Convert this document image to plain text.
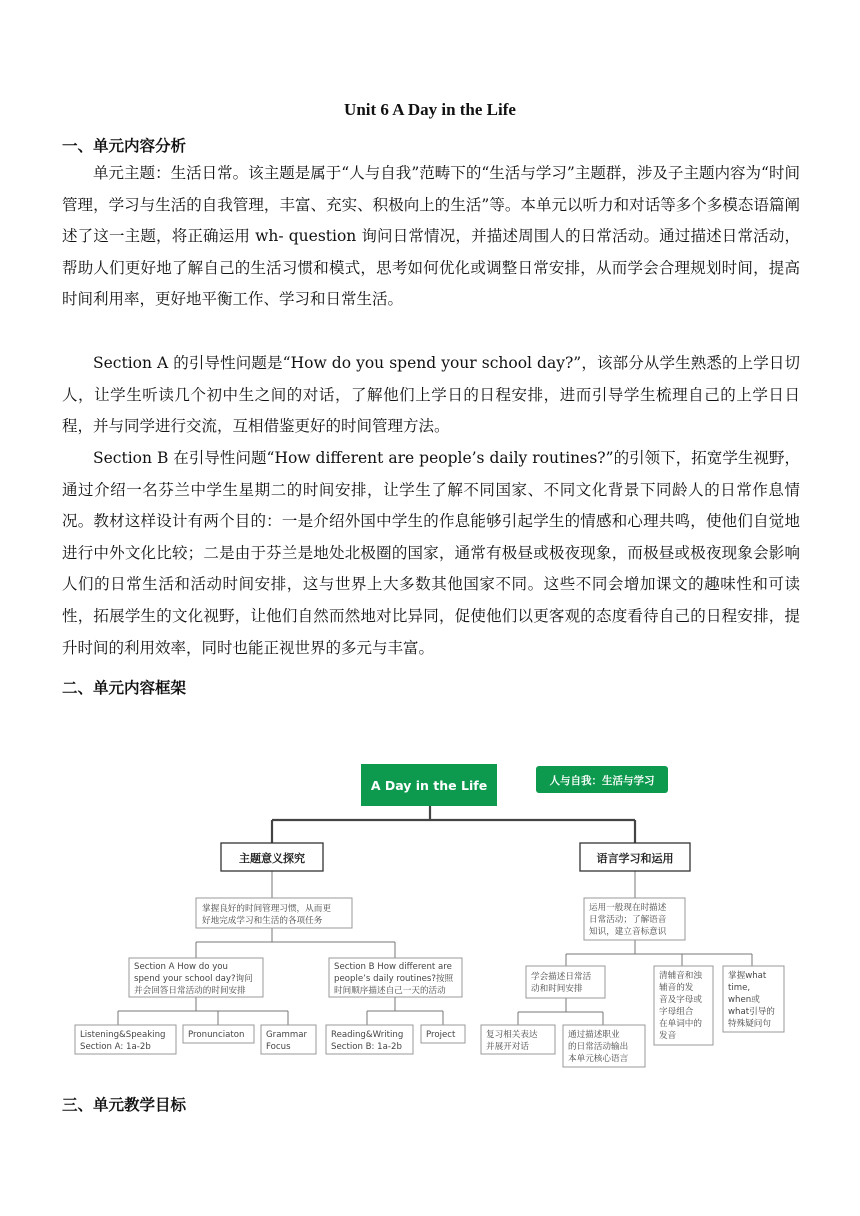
Unit 6 A Day in the Life
一、单元内容分析

单元主题：生活日常。该主题是属于“人与自我”范畴下的“生活与学习”主题群，涉及子主题内容为“时间管理，学习与生活的自我管理，丰富、充实、积极向上的生活”等。本单元以听力和对话等多个多模态语篇阐述了这一主题，将正确运用 wh- question 询问日常情况，并描述周围人的日常活动。通过描述日常活动，帮助人们更好地了解自己的生活习惯和模式，思考如何优化或调整日常安排，从而学会合理规划时间，提高时间利用率，更好地平衡工作、学习和日常生活。

Section A 的引导性问题是“How do you spend your school day?”，该部分从学生熟悉的上学日切人，让学生听读几个初中生之间的对话，了解他们上学日的日程安排，进而引导学生梳理自己的上学日日程，并与同学进行交流，互相借鉴更好的时间管理方法。

Section B 在引导性问题“How different are people’s daily routines?”的引领下，拓宽学生视野，通过介绍一名芬兰中学生星期二的时间安排，让学生了解不同国家、不同文化背景下同龄人的日常作息情况。教材这样设计有两个目的：一是介绍外国中学生的作息能够引起学生的情感和心理共鸣，使他们自觉地进行中外文化比较；二是由于芬兰是地处北极圈的国家，通常有极昼或极夜现象，而极昼或极夜现象会影响人们的日常生活和活动时间安排，这与世界上大多数其他国家不同。这些不同会增加课文的趣味性和可读性，拓展学生的文化视野，让他们自然而然地对比异同，促使他们以更客观的态度看待自己的日程安排，提升时间的利用效率，同时也能正视世界的多元与丰富。

二、单元内容框架
A Day in the Life	人与自我：生活与学习
主题意义探究	语言学习和运用
掌握良好的时间管理习惯，从而更
好地完成学习和生活的各项任务
Section A How do you
spend your school day?询问
并会回答日常活动的时间安排
Section B How different are
people’s daily routines?按照
时间顺序描述自己一天的活动
Listening&Speaking
Section A: 1a-2b
Pronunciaton	Grammar
Focus
Reading&Writing
Section B: 1a-2b
Project
运用一般现在时描述
日常活动；了解语音
知识，建立音标意识
学会描述日常活
动和时间安排
清辅音和浊
辅音的发
音及字母或
字母组合
在单词中的
发音
掌握what
time,
when或
what引导的
特殊疑问句
复习相关表达
并展开对话
通过描述职业
的日常活动输出
本单元核心语言
三、单元教学目标
